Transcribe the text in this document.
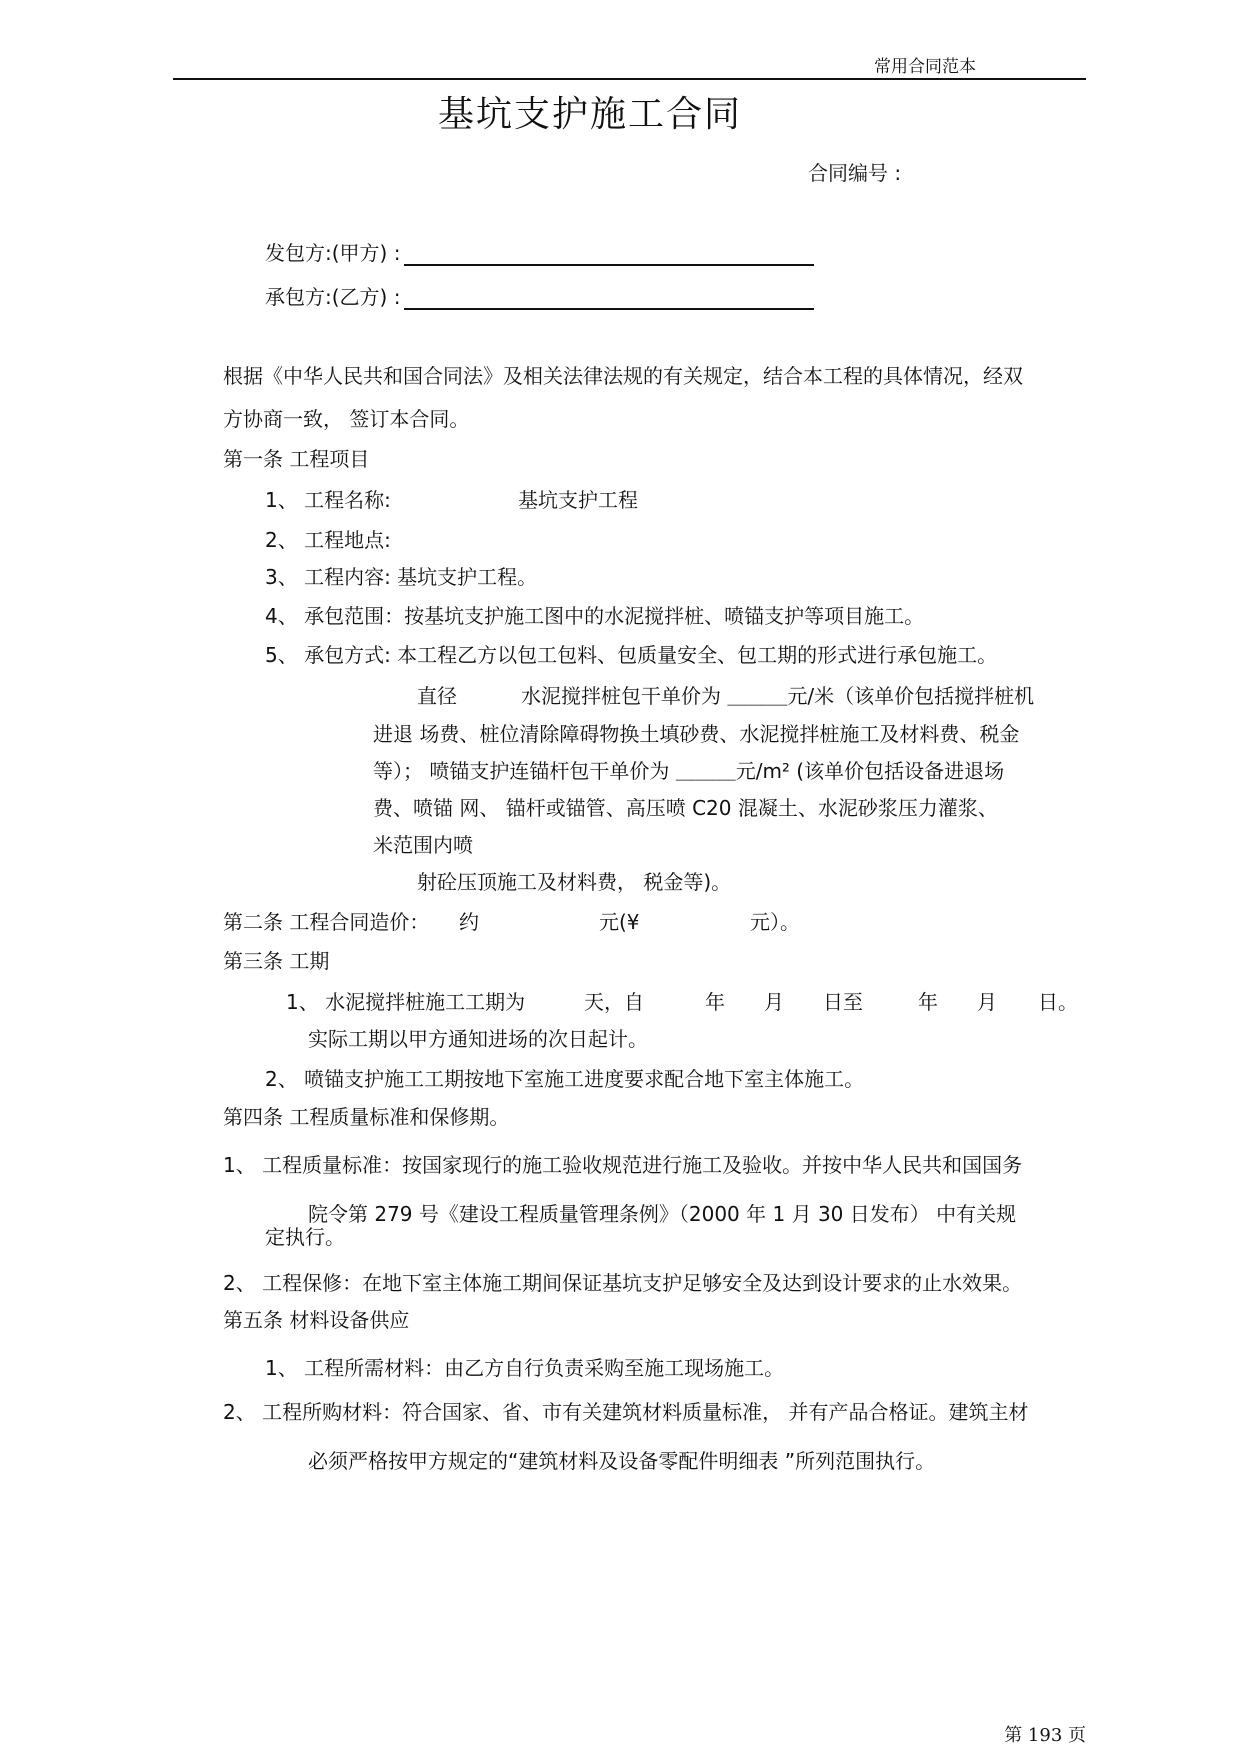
常用合同范本
基坑支护施工合同
合同编号 :
发包方:(甲方) :
承包方:(乙方) :
根据《中华人民共和国合同法》及相关法律法规的有关规定，结合本工程的具体情况，经双
方协商一致， 签订本合同。
第一条 工程项目
1、 工程名称:	基坑支护工程
2、 工程地点:
3、 工程内容: 基坑支护工程。
4、 承包范围：按基坑支护施工图中的水泥搅拌桩、喷锚支护等项目施工。
5、 承包方式: 本工程乙方以包工包料、包质量安全、包工期的形式进行承包施工。
直径	水泥搅拌桩包干单价为 ＿＿＿元/米（该单价包括搅拌桩机
进退 场费、桩位清除障碍物换土填砂费、水泥搅拌桩施工及材料费、税金
等）； 喷锚支护连锚杆包干单价为 ＿＿＿元/m² (该单价包括设备进退场
费、喷锚 网、 锚杆或锚管、高压喷 C20 混凝土、水泥砂浆压力灌浆、
米范围内喷
射砼压顶施工及材料费， 税金等)。
第二条 工程合同造价： 约	元(¥	元）。
第三条 工期
1、 水泥搅拌桩施工工期为	天，自	年 月 日至	年 月 日。
实际工期以甲方通知进场的次日起计。
2、 喷锚支护施工工期按地下室施工进度要求配合地下室主体施工。
第四条 工程质量标准和保修期。
1、 工程质量标准：按国家现行的施工验收规范进行施工及验收。并按中华人民共和国国务
院令第 279 号《建设工程质量管理条例》（2000 年 1 月 30 日发布） 中有关规
定执行。
2、 工程保修：在地下室主体施工期间保证基坑支护足够安全及达到设计要求的止水效果。
第五条 材料设备供应
1、 工程所需材料：由乙方自行负责采购至施工现场施工。
2、 工程所购材料：符合国家、省、市有关建筑材料质量标准， 并有产品合格证。建筑主材
必须严格按甲方规定的“建筑材料及设备零配件明细表 ”所列范围执行。
第 193 页
